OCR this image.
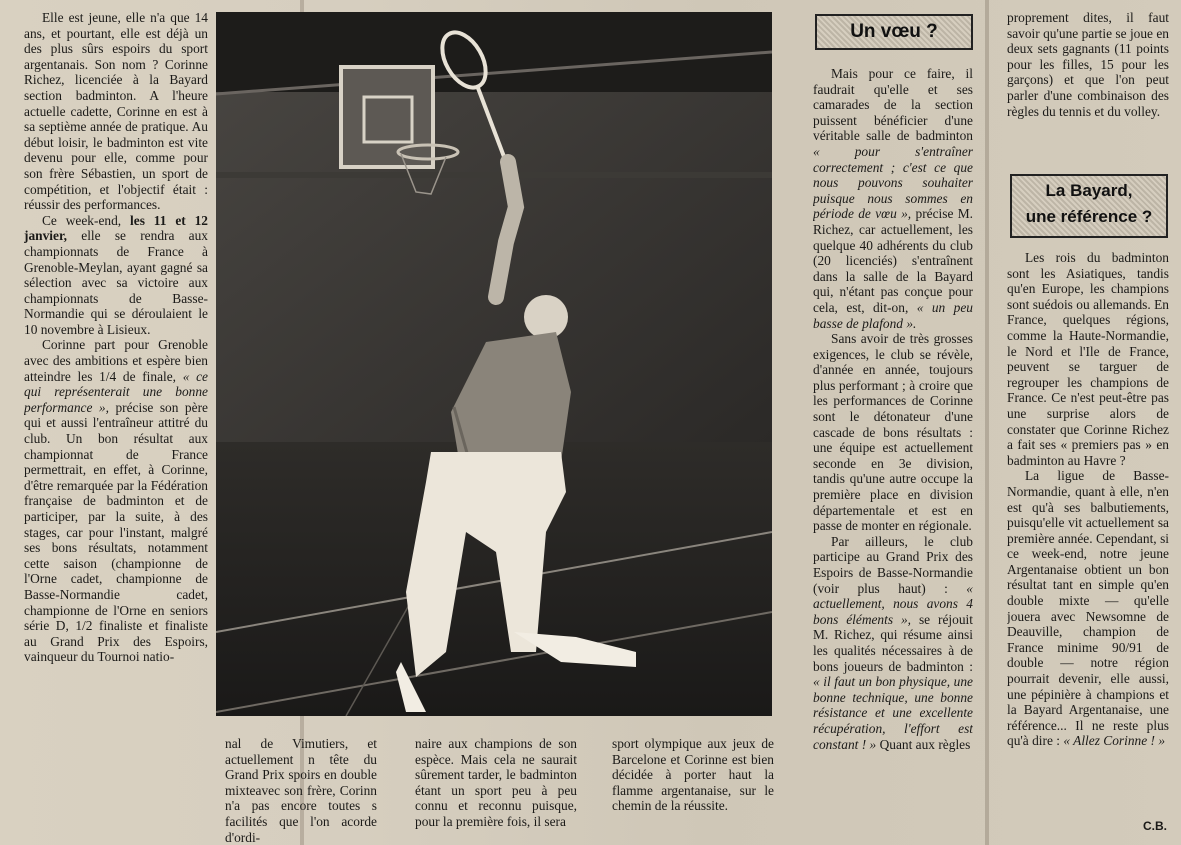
Elle est jeune, elle n'a que 14 ans, et pourtant, elle est déjà un des plus sûrs espoirs du sport argentanais. Son nom ? Corinne Richez, licenciée à la Bayard section badminton. A l'heure actuelle cadette, Corinne en est à sa septième année de pratique. Au début loisir, le badminton est vite devenu pour elle, comme pour son frère Sébastien, un sport de compétition, et l'objectif était : réussir des performances.

Ce week-end, les 11 et 12 janvier, elle se rendra aux championnats de France à Grenoble-Meylan, ayant gagné sa sélection avec sa victoire aux championnats de Basse-Normandie qui se déroulaient le 10 novembre à Lisieux.

Corinne part pour Grenoble avec des ambitions et espère bien atteindre les 1/4 de finale, « ce qui représenterait une bonne performance », précise son père qui et aussi l'entraîneur attitré du club. Un bon résultat aux championnat de France permettrait, en effet, à Corinne, d'être remarquée par la Fédération française de badminton et de participer, par la suite, à des stages, car pour l'instant, malgré ses bons résultats, notamment cette saison (championne de l'Orne cadet, championne de Basse-Normandie cadet, championne de l'Orne en seniors série D, 1/2 finaliste et finaliste au Grand Prix des Espoirs, vainqueur du Tournoi natio-

nal de Vimutiers, et actuellement n tête du Grand Prix spoirs en double mixteavec son frère, Corinn n'a pas encore toutes s facilités que l'on acorde d'ordi-

naire aux champions de son espèce. Mais cela ne saurait sûrement tarder, le badminton étant un sport peu à peu connu et reconnu puisque, pour la première fois, il sera

sport olympique aux jeux de Barcelone et Corinne est bien décidée à porter haut la flamme argentanaise, sur le chemin de la réussite.

Un vœu ?

Mais pour ce faire, il faudrait qu'elle et ses camarades de la section puissent bénéficier d'une véritable salle de badminton « pour s'entraîner correctement ; c'est ce que nous pouvons souhaiter puisque nous sommes en période de vœu », précise M. Richez, car actuellement, les quelque 40 adhérents du club (20 licenciés) s'entraînent dans la salle de la Bayard qui, n'étant pas conçue pour cela, est, dit-on, « un peu basse de plafond ».

Sans avoir de très grosses exigences, le club se révèle, d'année en année, toujours plus performant ; à croire que les performances de Corinne sont le détonateur d'une cascade de bons résultats : une équipe est actuellement seconde en 3e division, tandis qu'une autre occupe la première place en division départementale et est en passe de monter en régionale.

Par ailleurs, le club participe au Grand Prix des Espoirs de Basse-Normandie (voir plus haut) : « actuellement, nous avons 4 bons éléments », se réjouit M. Richez, qui résume ainsi les qualités nécessaires à de bons joueurs de badminton : « il faut un bon physique, une bonne technique, une bonne résistance et une excellente récupération, l'effort est constant ! » Quant aux règles

proprement dites, il faut savoir qu'une partie se joue en deux sets gagnants (11 points pour les filles, 15 pour les garçons) et que l'on peut parler d'une combinaison des règles du tennis et du volley.

La Bayard,
une référence ?

Les rois du badminton sont les Asiatiques, tandis qu'en Europe, les champions sont suédois ou allemands. En France, quelques régions, comme la Haute-Normandie, le Nord et l'Ile de France, peuvent se targuer de regrouper les champions de France. Ce n'est peut-être pas une surprise alors de constater que Corinne Richez a fait ses « premiers pas » en badminton au Havre ?

La ligue de Basse-Normandie, quant à elle, n'en est qu'à ses balbutiements, puisqu'elle vit actuellement sa première année. Cependant, si ce week-end, notre jeune Argentanaise obtient un bon résultat tant en simple qu'en double mixte — qu'elle jouera avec Newsomne de Deauville, champion de France minime 90/91 de double — notre région pourrait devenir, elle aussi, une pépinière à champions et la Bayard Argentanaise, une référence... Il ne reste plus qu'à dire : « Allez Corinne ! »

C.B.
